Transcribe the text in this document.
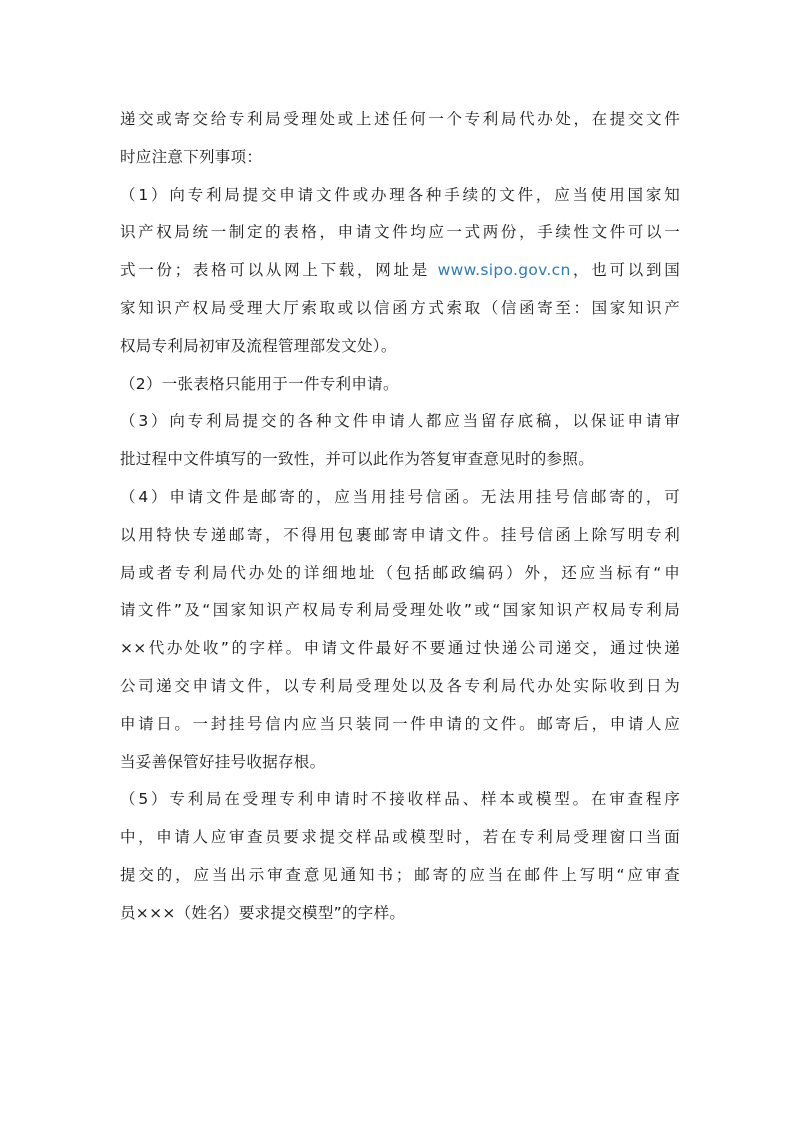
递交或寄交给专利局受理处或上述任何一个专利局代办处，在提交文件
时应注意下列事项：
（1）向专利局提交申请文件或办理各种手续的文件，应当使用国家知
识产权局统一制定的表格，申请文件均应一式两份，手续性文件可以一
式一份；表格可以从网上下载，网址是 www.sipo.gov.cn，也可以到国
家知识产权局受理大厅索取或以信函方式索取（信函寄至：国家知识产
权局专利局初审及流程管理部发文处）。
（2）一张表格只能用于一件专利申请。
（3）向专利局提交的各种文件申请人都应当留存底稿，以保证申请审
批过程中文件填写的一致性，并可以此作为答复审查意见时的参照。
（4）申请文件是邮寄的，应当用挂号信函。无法用挂号信邮寄的，可
以用特快专递邮寄，不得用包裹邮寄申请文件。挂号信函上除写明专利
局或者专利局代办处的详细地址（包括邮政编码）外，还应当标有“申
请文件”及“国家知识产权局专利局受理处收”或“国家知识产权局专利局
××代办处收”的字样。申请文件最好不要通过快递公司递交，通过快递
公司递交申请文件，以专利局受理处以及各专利局代办处实际收到日为
申请日。一封挂号信内应当只装同一件申请的文件。邮寄后，申请人应
当妥善保管好挂号收据存根。
（5）专利局在受理专利申请时不接收样品、样本或模型。在审查程序
中，申请人应审查员要求提交样品或模型时，若在专利局受理窗口当面
提交的，应当出示审查意见通知书；邮寄的应当在邮件上写明“应审查
员×××（姓名）要求提交模型”的字样。
